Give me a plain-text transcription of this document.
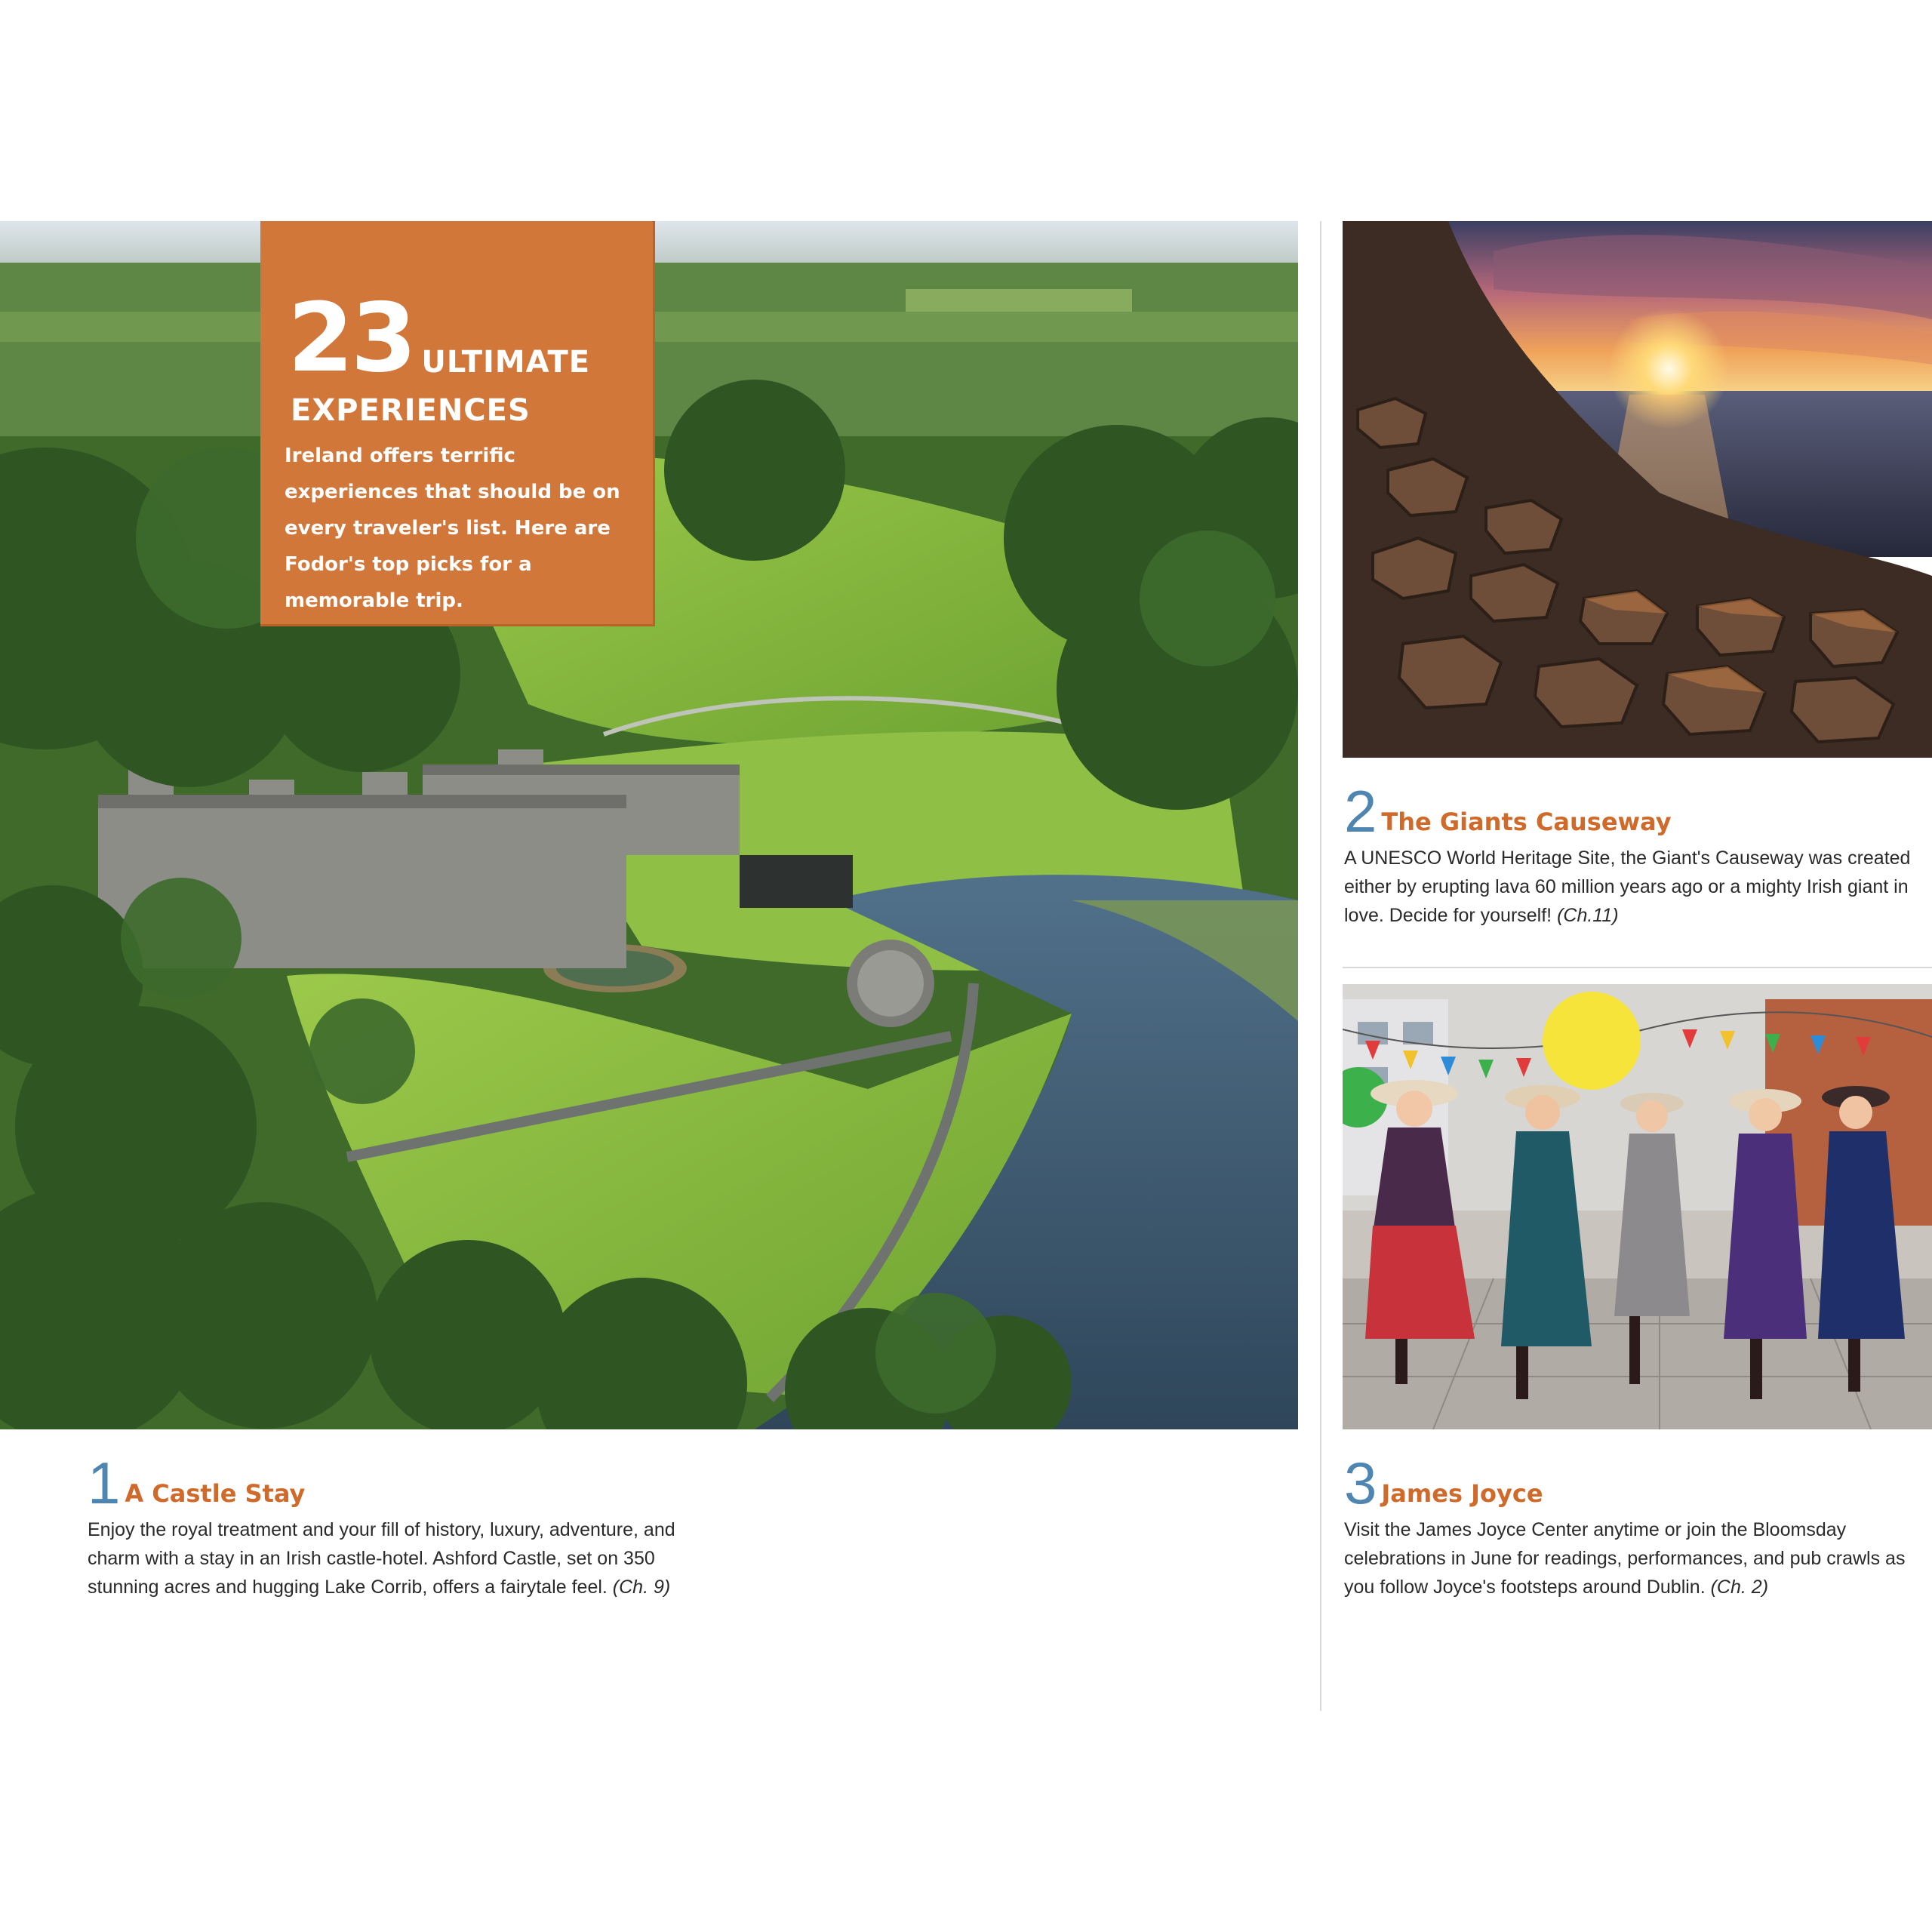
23 ULTIMATE
EXPERIENCES
Ireland offers terrific experiences that should be on every traveler's list. Here are Fodor's top picks for a memorable trip.
1 A Castle Stay
Enjoy the royal treatment and your fill of history, luxury, adventure, and charm with a stay in an Irish castle-hotel. Ashford Castle, set on 350 stunning acres and hugging Lake Corrib, offers a fairytale feel. (Ch. 9)
2 The Giants Causeway
A UNESCO World Heritage Site, the Giant's Causeway was created either by erupting lava 60 million years ago or a mighty Irish giant in love. Decide for yourself! (Ch.11)
3 James Joyce
Visit the James Joyce Center anytime or join the Bloomsday celebrations in June for readings, performances, and pub crawls as you follow Joyce's footsteps around Dublin. (Ch. 2)
